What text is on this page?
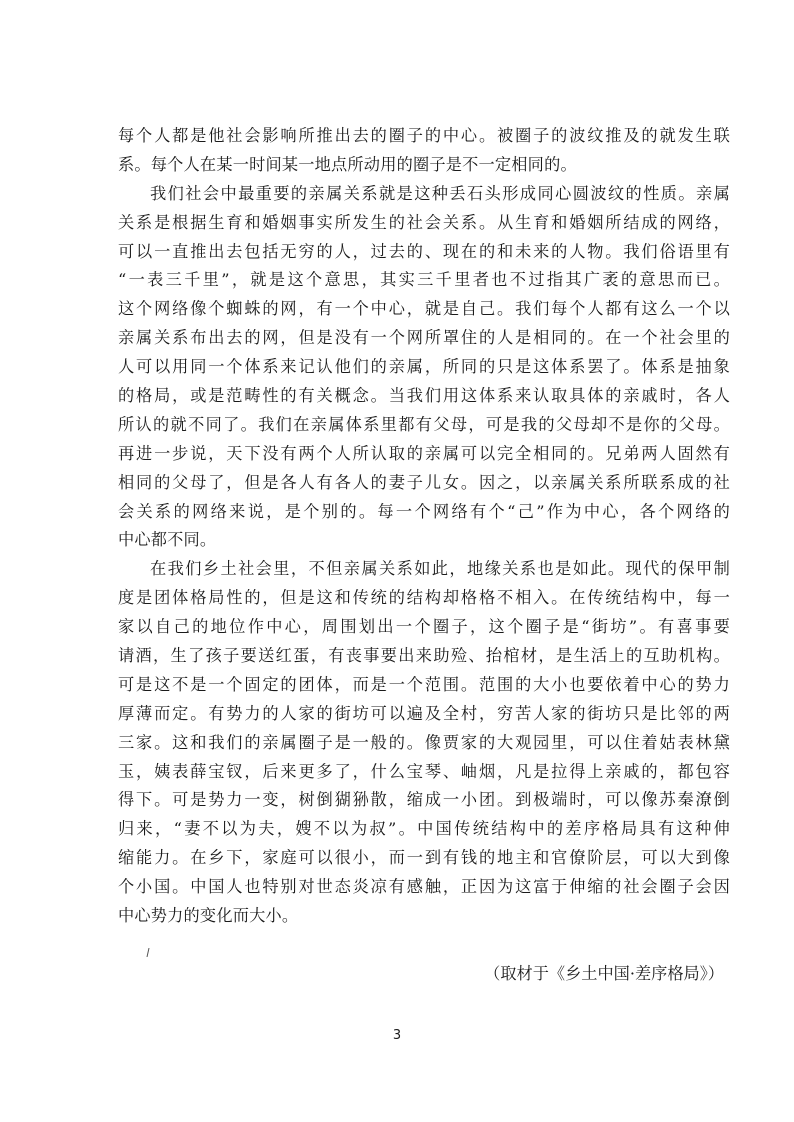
每个人都是他社会影响所推出去的圈子的中心。被圈子的波纹推及的就发生联
系。每个人在某一时间某一地点所动用的圈子是不一定相同的。
我们社会中最重要的亲属关系就是这种丢石头形成同心圆波纹的性质。亲属
关系是根据生育和婚姻事实所发生的社会关系。从生育和婚姻所结成的网络，
可以一直推出去包括无穷的人，过去的、现在的和未来的人物。我们俗语里有
“一表三千里”，就是这个意思，其实三千里者也不过指其广袤的意思而已。
这个网络像个蜘蛛的网，有一个中心，就是自己。我们每个人都有这么一个以
亲属关系布出去的网，但是没有一个网所罩住的人是相同的。在一个社会里的
人可以用同一个体系来记认他们的亲属，所同的只是这体系罢了。体系是抽象
的格局，或是范畴性的有关概念。当我们用这体系来认取具体的亲戚时，各人
所认的就不同了。我们在亲属体系里都有父母，可是我的父母却不是你的父母。
再进一步说，天下没有两个人所认取的亲属可以完全相同的。兄弟两人固然有
相同的父母了，但是各人有各人的妻子儿女。因之，以亲属关系所联系成的社
会关系的网络来说，是个别的。每一个网络有个“己”作为中心，各个网络的
中心都不同。
在我们乡土社会里，不但亲属关系如此，地缘关系也是如此。现代的保甲制
度是团体格局性的，但是这和传统的结构却格格不相入。在传统结构中，每一
家以自己的地位作中心，周围划出一个圈子，这个圈子是“街坊”。有喜事要
请酒，生了孩子要送红蛋，有丧事要出来助殓、抬棺材，是生活上的互助机构。
可是这不是一个固定的团体，而是一个范围。范围的大小也要依着中心的势力
厚薄而定。有势力的人家的街坊可以遍及全村，穷苦人家的街坊只是比邻的两
三家。这和我们的亲属圈子是一般的。像贾家的大观园里，可以住着姑表林黛
玉，姨表薛宝钗，后来更多了，什么宝琴、岫烟，凡是拉得上亲戚的，都包容
得下。可是势力一变，树倒猢狲散，缩成一小团。到极端时，可以像苏秦潦倒
归来，“妻不以为夫，嫂不以为叔”。中国传统结构中的差序格局具有这种伸
缩能力。在乡下，家庭可以很小，而一到有钱的地主和官僚阶层，可以大到像
个小国。中国人也特别对世态炎凉有感触，正因为这富于伸缩的社会圈子会因
中心势力的变化而大小。
（取材于《乡土中国·差序格局》）
3
